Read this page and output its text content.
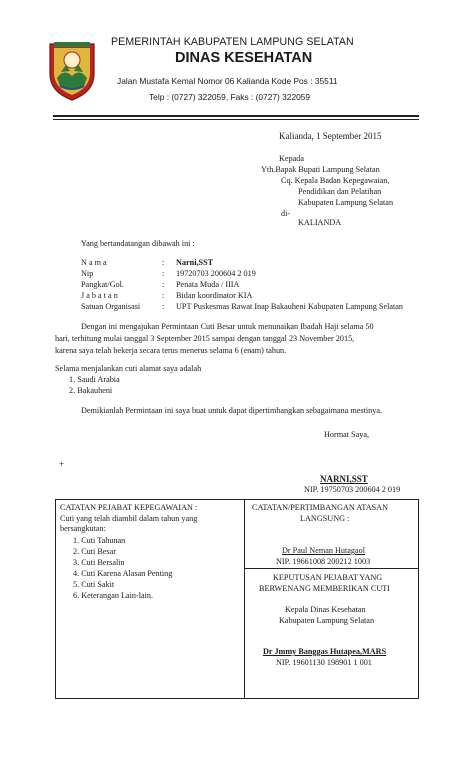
PEMERINTAH KABUPATEN LAMPUNG SELATAN
DINAS KESEHATAN
Jalan Mustafa Kemal Nomor 06 Kalianda Kode Pos : 35511
Telp : (0727) 322059, Faks : (0727) 322059
Kalianda, 1 September 2015
Kepada
Yth.Bapak Bupati Lampung Selatan
Cq. Kepala Badan Kepegawaian,
Pendidikan dan Pelatihan
Kabupaten Lampung Selatan
di-
KALIANDA
Yang bertandatangan dibawah ini :
N a m a	: Narni,SST
Nip	: 19720703 200604 2 019
Pangkat/Gol.	: Penata Muda / IIIA
J a b a t a n	: Bidan koordinator KIA
Satuan Organisasi	: UPT Puskesmas Rawat Inap Bakauheni Kabupaten Lampung Selatan
Dengan ini mengajukan Permintaan Cuti Besar untuk menunaikan Ibadah Haji selama 50
hari, terhitung mulai tanggal 3 September 2015 sampai dengan tanggal 23 November 2015,
karena saya telah bekerja secara terus menerus selama 6 (enam) tahun.
Selama menjalankan cuti alamat saya adalah
1. Saudi Arabia
2. Bakauheni
Demikianlah Permintaan ini saya buat untuk dapat dipertimbangkan sebagaimana mestinya.
Hormat Saya,
+
NARNI,SST
NIP. 19750703 200604 2 019
CATATAN PEJABAT KEPEGAWAIAN :
Cuti yang telah diambil dalam tahun yang
bersangkutan:
1. Cuti Tahunan
2. Cuti Besar
3. Cuti Bersalin
4. Cuti Karena Alasan Penting
5. Cuti Sakit
6. Keterangan Lain-lain.
CATATAN/PERTIMBANGAN ATASAN
LANGSUNG :
Dr Paul Neman Hutagaol
NIP. 19661008 200212 1003
KEPUTUSAN PEJABAT YANG
BERWENANG MEMBERIKAN CUTI
Kepala Dinas Kesehatan
Kabupaten Lampung Selatan
Dr Jmmy Banggas Hutapea,MARS
NIP. 19601130 198901 1 001
